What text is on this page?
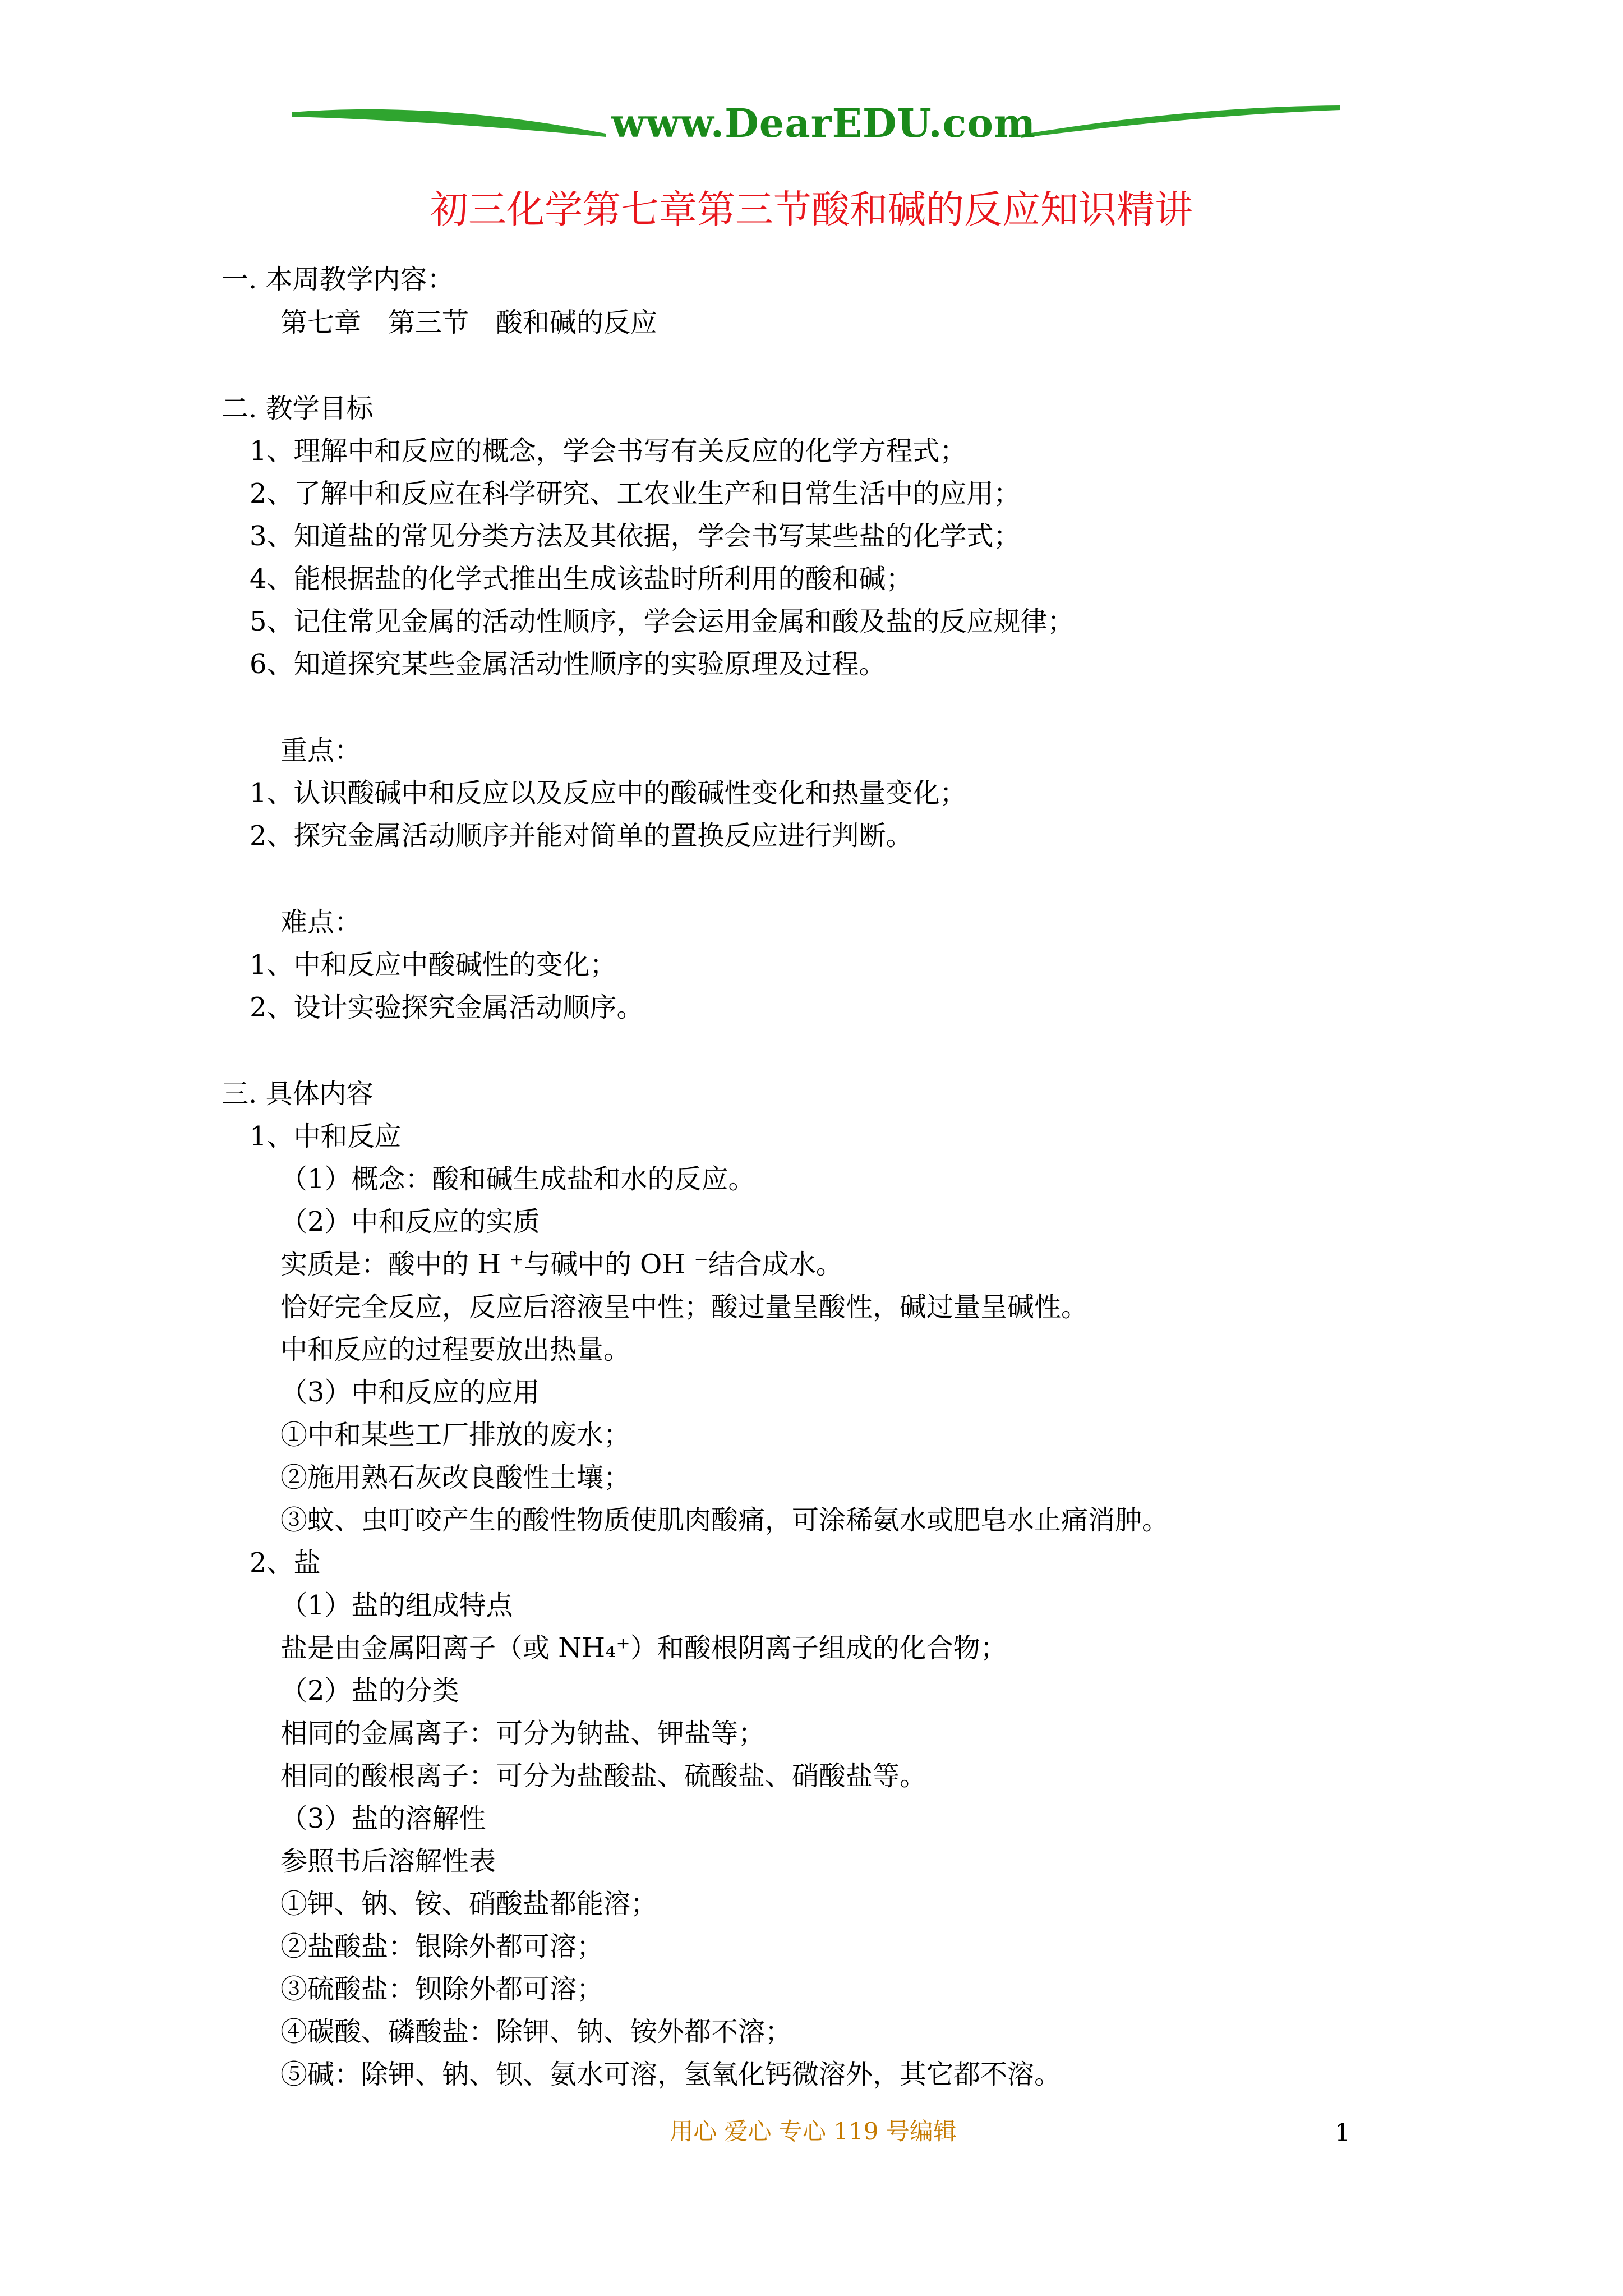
www.DearEDU.com
初三化学第七章第三节酸和碱的反应知识精讲
一. 本周教学内容：
第七章　第三节　酸和碱的反应
二. 教学目标
1、理解中和反应的概念，学会书写有关反应的化学方程式；
2、了解中和反应在科学研究、工农业生产和日常生活中的应用；
3、知道盐的常见分类方法及其依据，学会书写某些盐的化学式；
4、能根据盐的化学式推出生成该盐时所利用的酸和碱；
5、记住常见金属的活动性顺序，学会运用金属和酸及盐的反应规律；
6、知道探究某些金属活动性顺序的实验原理及过程。
重点：
1、认识酸碱中和反应以及反应中的酸碱性变化和热量变化；
2、探究金属活动顺序并能对简单的置换反应进行判断。
难点：
1、中和反应中酸碱性的变化；
2、设计实验探究金属活动顺序。
三. 具体内容
1、中和反应
（1）概念：酸和碱生成盐和水的反应。
（2）中和反应的实质
实质是：酸中的 H ⁺与碱中的 OH ⁻结合成水。
恰好完全反应，反应后溶液呈中性；酸过量呈酸性，碱过量呈碱性。
中和反应的过程要放出热量。
（3）中和反应的应用
①中和某些工厂排放的废水；
②施用熟石灰改良酸性土壤；
③蚊、虫叮咬产生的酸性物质使肌肉酸痛，可涂稀氨水或肥皂水止痛消肿。
2、盐
（1）盐的组成特点
盐是由金属阳离子（或 NH₄⁺）和酸根阴离子组成的化合物；
（2）盐的分类
相同的金属离子：可分为钠盐、钾盐等；
相同的酸根离子：可分为盐酸盐、硫酸盐、硝酸盐等。
（3）盐的溶解性
参照书后溶解性表
①钾、钠、铵、硝酸盐都能溶；
②盐酸盐：银除外都可溶；
③硫酸盐：钡除外都可溶；
④碳酸、磷酸盐：除钾、钠、铵外都不溶；
⑤碱：除钾、钠、钡、氨水可溶，氢氧化钙微溶外，其它都不溶。
用心 爱心 专心 119 号编辑	1
